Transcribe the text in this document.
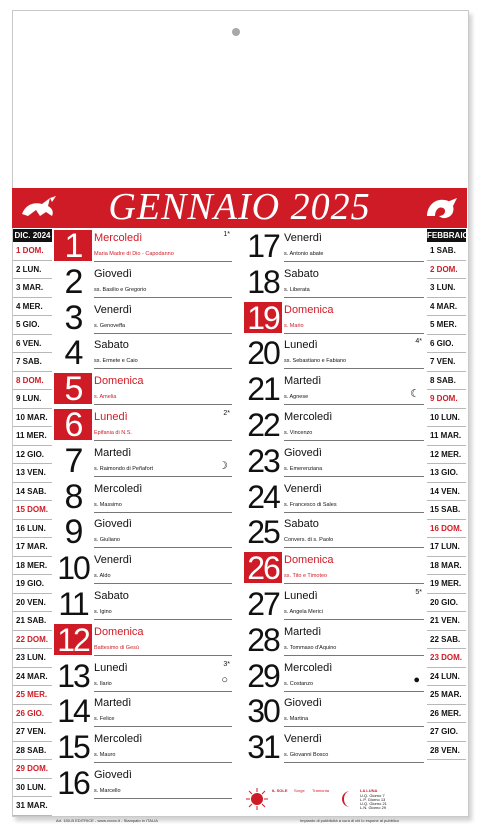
GENNAIO 2025
DIC. 2024
1 DOM.
2 LUN.
3 MAR.
4 MER.
5 GIO.
6 VEN.
7 SAB.
8 DOM.
9 LUN.
10 MAR.
11 MER.
12 GIO.
13 VEN.
14 SAB.
15 DOM.
16 LUN.
17 MAR.
18 MER.
19 GIO.
20 VEN.
21 SAB.
22 DOM.
23 LUN.
24 MAR.
25 MER.
26 GIO.
27 VEN.
28 SAB.
29 DOM.
30 LUN.
31 MAR.
FEBBRAIO
1 SAB.
2 DOM.
3 LUN.
4 MAR.
5 MER.
6 GIO.
7 VEN.
8 SAB.
9 DOM.
10 LUN.
11 MAR.
12 MER.
13 GIO.
14 VEN.
15 SAB.
16 DOM.
17 LUN.
18 MAR.
19 MER.
20 GIO.
21 VEN.
22 SAB.
23 DOM.
24 LUN.
25 MAR.
26 MER.
27 GIO.
28 VEN.
1	Mercoledì
Maria Madre di Dio - Capodanno
1*
2	Giovedì
ss. Basilio e Gregorio
3	Venerdì
s. Genoveffa
4	Sabato
ss. Ermete e Caio
5	Domenica
s. Amelia
6	Lunedì
Epifania di N.S.
2*
7	Martedì
s. Raimondo di Peñafort	☽
8	Mercoledì
s. Massimo
9	Giovedì
s. Giuliano
10 Venerdì
s. Aldo
11 Sabato
s. Igino
12 Domenica
Battesimo di Gesù
13 Lunedì
s. Ilario
3*
○
14 Martedì
s. Felice
15 Mercoledì
s. Mauro
16 Giovedì
s. Marcello
17 Venerdì
s. Antonio abate
18 Sabato
s. Liberata
19 Domenica
s. Mario
20 Lunedì
ss. Sebastiano e Fabiano
4*
21 Martedì
s. Agnese	☾
22 Mercoledì
s. Vincenzo
23 Giovedì
s. Emerenziana
24 Venerdì
s. Francesco di Sales
25 Sabato
Convers. di s. Paolo
26 Domenica
ss. Tito e Timoteo
27 Lunedì
s. Angela Merici
5*
28 Martedì
s. Tommaso d'Aquino
29 Mercoledì
s. Costanzo	●
30 Giovedì
s. Martina
31 Venerdì
s. Giovanni Bosco
IL SOLE Sorge Tramonta	LA LUNA
U.Q. Giorno 7
L.P. Giorno 13
U.Q. Giorno 21
L.N. Giorno 29
Art. 150-B EDITRICE - www.xxxxx.it - Stampato in ITALIA	Impianto di pubblicità a cura di chi lo espone al pubblico
